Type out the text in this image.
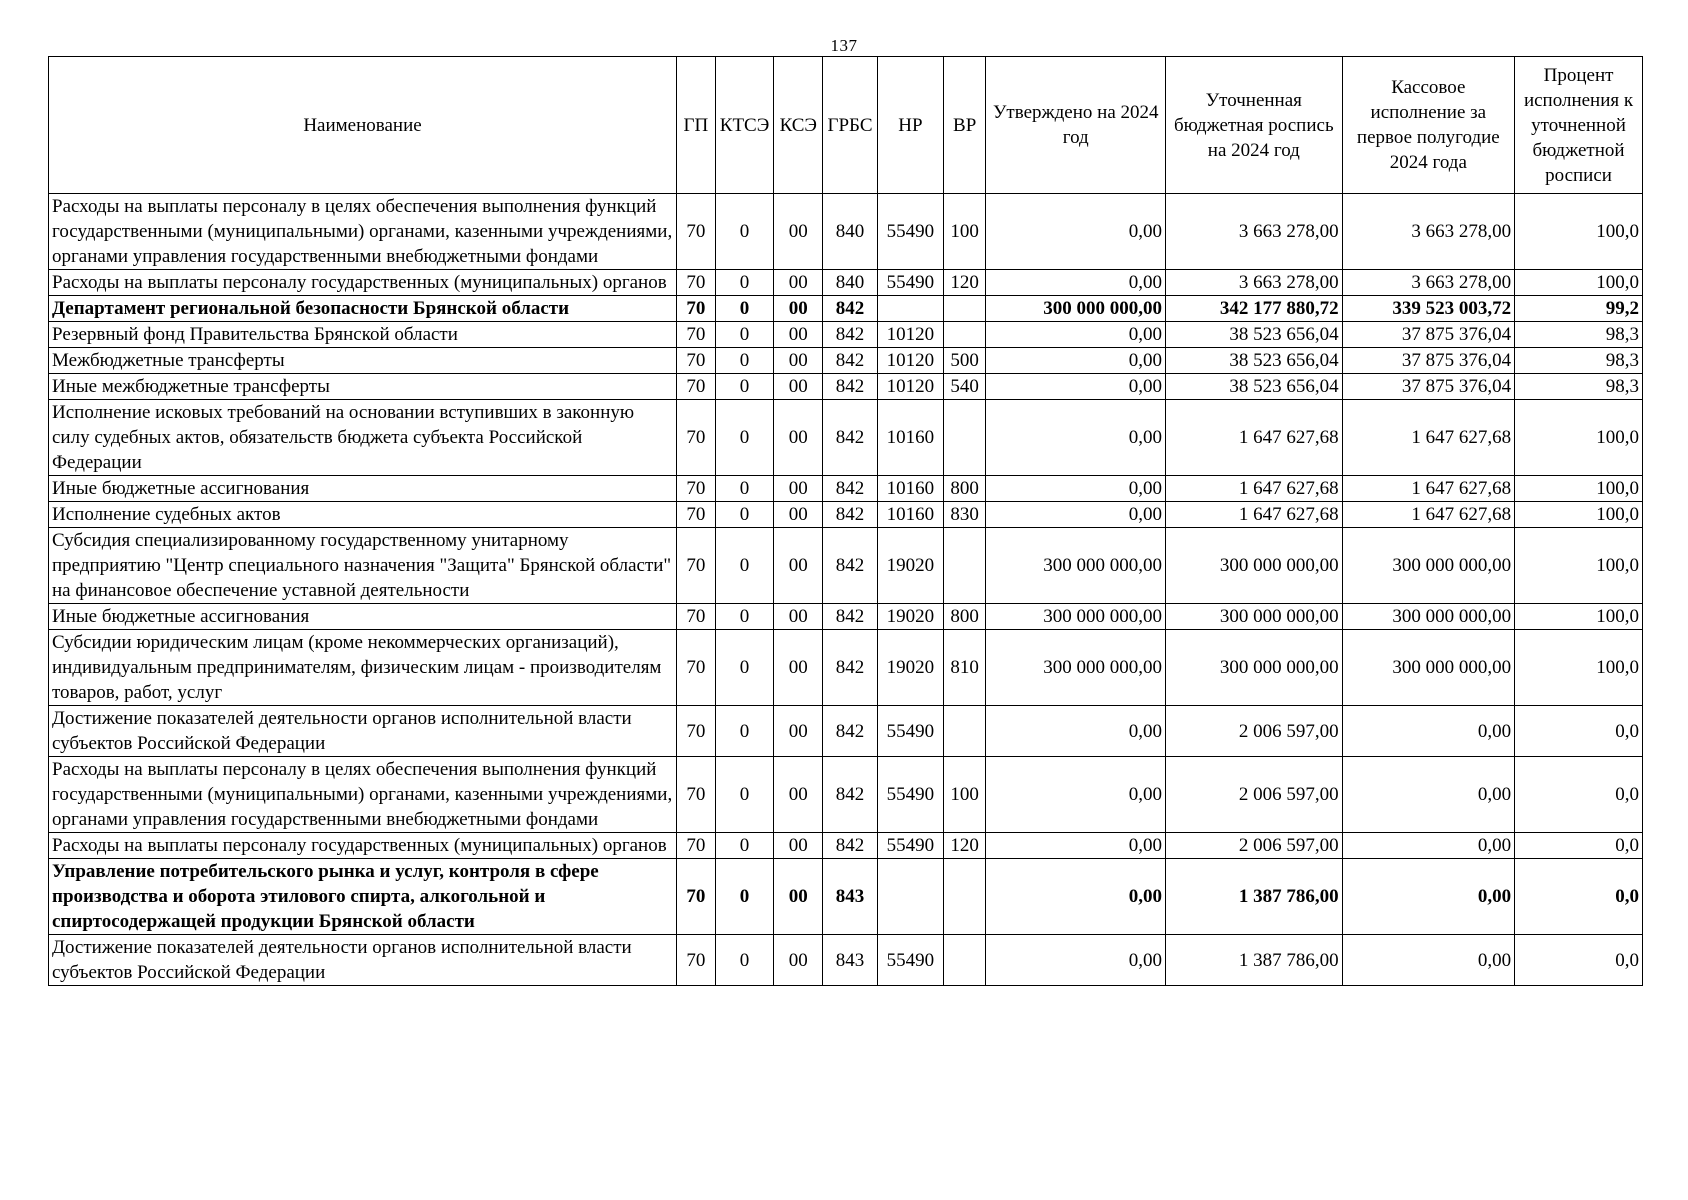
137
Наименование	ГП	КТСЭ	КСЭ	ГРБС	НР	ВР	Утверждено на 2024 год	Уточненная бюджетная роспись на 2024 год	Кассовое исполнение за первое полугодие 2024 года	Процент исполнения к уточненной бюджетной росписи
Расходы на выплаты персоналу в целях обеспечения выполнения функций государственными (муниципальными) органами, казенными учреждениями, органами управления государственными внебюджетными фондами	70	0	00	840	55490	100	0,00	3 663 278,00	3 663 278,00	100,0
Расходы на выплаты персоналу государственных (муниципальных) органов	70	0	00	840	55490	120	0,00	3 663 278,00	3 663 278,00	100,0
Департамент региональной безопасности Брянской области	70	0	00	842			300 000 000,00	342 177 880,72	339 523 003,72	99,2
Резервный фонд Правительства Брянской области	70	0	00	842	10120		0,00	38 523 656,04	37 875 376,04	98,3
Межбюджетные трансферты	70	0	00	842	10120	500	0,00	38 523 656,04	37 875 376,04	98,3
Иные межбюджетные трансферты	70	0	00	842	10120	540	0,00	38 523 656,04	37 875 376,04	98,3
Исполнение исковых требований на основании вступивших в законную силу судебных актов, обязательств бюджета субъекта Российской Федерации	70	0	00	842	10160		0,00	1 647 627,68	1 647 627,68	100,0
Иные бюджетные ассигнования	70	0	00	842	10160	800	0,00	1 647 627,68	1 647 627,68	100,0
Исполнение судебных актов	70	0	00	842	10160	830	0,00	1 647 627,68	1 647 627,68	100,0
Субсидия специализированному государственному унитарному предприятию "Центр специального назначения "Защита" Брянской области" на финансовое обеспечение уставной деятельности	70	0	00	842	19020		300 000 000,00	300 000 000,00	300 000 000,00	100,0
Иные бюджетные ассигнования	70	0	00	842	19020	800	300 000 000,00	300 000 000,00	300 000 000,00	100,0
Субсидии юридическим лицам (кроме некоммерческих организаций), индивидуальным предпринимателям, физическим лицам - производителям товаров, работ, услуг	70	0	00	842	19020	810	300 000 000,00	300 000 000,00	300 000 000,00	100,0
Достижение показателей деятельности органов исполнительной власти субъектов Российской Федерации	70	0	00	842	55490		0,00	2 006 597,00	0,00	0,0
Расходы на выплаты персоналу в целях обеспечения выполнения функций государственными (муниципальными) органами, казенными учреждениями, органами управления государственными внебюджетными фондами	70	0	00	842	55490	100	0,00	2 006 597,00	0,00	0,0
Расходы на выплаты персоналу государственных (муниципальных) органов	70	0	00	842	55490	120	0,00	2 006 597,00	0,00	0,0
Управление потребительского рынка и услуг, контроля в сфере производства и оборота этилового спирта, алкогольной и спиртосодержащей продукции Брянской области	70	0	00	843			0,00	1 387 786,00	0,00	0,0
Достижение показателей деятельности органов исполнительной власти субъектов Российской Федерации	70	0	00	843	55490		0,00	1 387 786,00	0,00	0,0
